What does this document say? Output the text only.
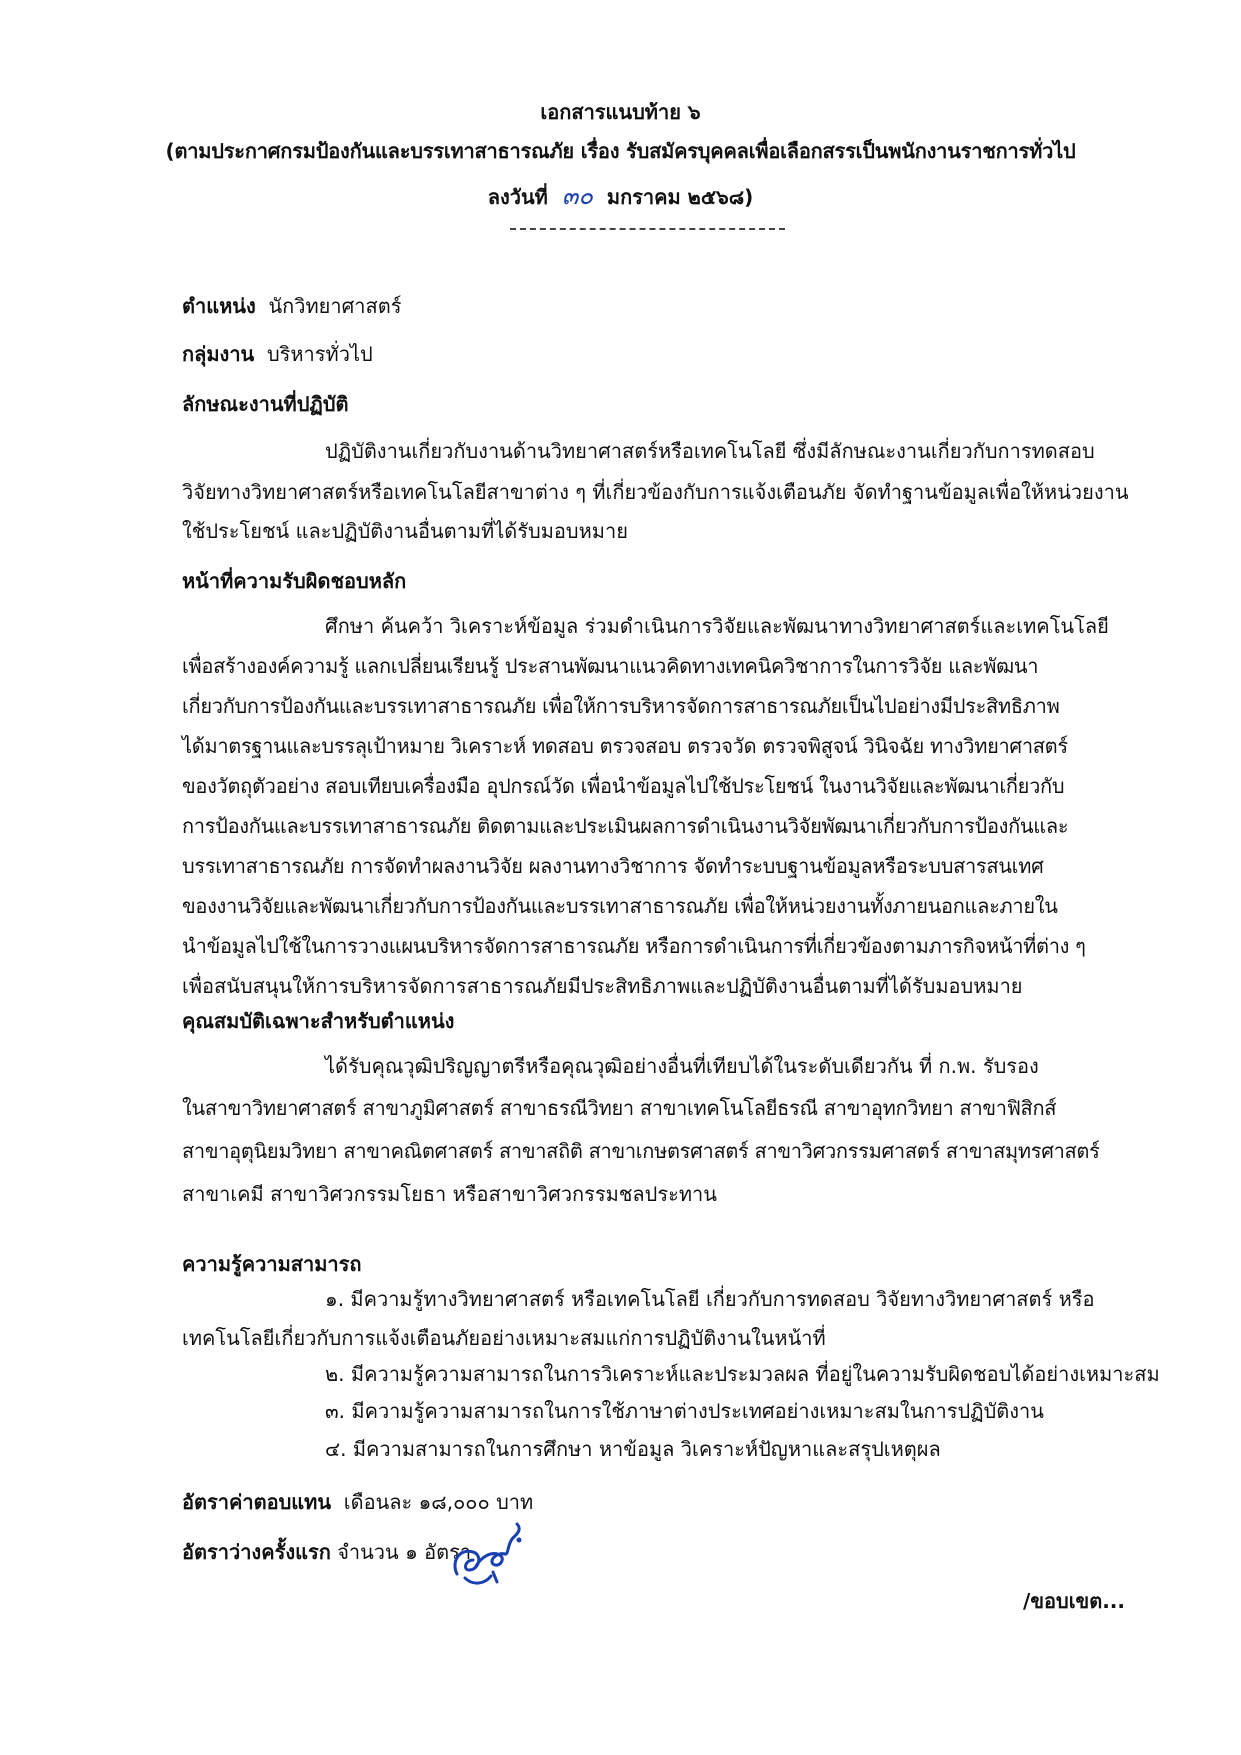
เอกสารแนบท้าย ๖
(ตามประกาศกรมป้องกันและบรรเทาสาธารณภัย เรื่อง รับสมัครบุคคลเพื่อเลือกสรรเป็นพนักงานราชการทั่วไป
ลงวันที่ ๓๐ มกราคม ๒๕๖๘)
ตำแหน่ง นักวิทยาศาสตร์
กลุ่มงาน บริหารทั่วไป
ลักษณะงานที่ปฏิบัติ
ปฏิบัติงานเกี่ยวกับงานด้านวิทยาศาสตร์หรือเทคโนโลยี ซึ่งมีลักษณะงานเกี่ยวกับการทดสอบ
วิจัยทางวิทยาศาสตร์หรือเทคโนโลยีสาขาต่าง ๆ ที่เกี่ยวข้องกับการแจ้งเตือนภัย จัดทำฐานข้อมูลเพื่อให้หน่วยงาน
ใช้ประโยชน์ และปฏิบัติงานอื่นตามที่ได้รับมอบหมาย
หน้าที่ความรับผิดชอบหลัก
ศึกษา ค้นคว้า วิเคราะห์ข้อมูล ร่วมดำเนินการวิจัยและพัฒนาทางวิทยาศาสตร์และเทคโนโลยี
เพื่อสร้างองค์ความรู้ แลกเปลี่ยนเรียนรู้ ประสานพัฒนาแนวคิดทางเทคนิควิชาการในการวิจัย และพัฒนา
เกี่ยวกับการป้องกันและบรรเทาสาธารณภัย เพื่อให้การบริหารจัดการสาธารณภัยเป็นไปอย่างมีประสิทธิภาพ
ได้มาตรฐานและบรรลุเป้าหมาย วิเคราะห์ ทดสอบ ตรวจสอบ ตรวจวัด ตรวจพิสูจน์ วินิจฉัย ทางวิทยาศาสตร์
ของวัตถุตัวอย่าง สอบเทียบเครื่องมือ อุปกรณ์วัด เพื่อนำข้อมูลไปใช้ประโยชน์ ในงานวิจัยและพัฒนาเกี่ยวกับ
การป้องกันและบรรเทาสาธารณภัย ติดตามและประเมินผลการดำเนินงานวิจัยพัฒนาเกี่ยวกับการป้องกันและ
บรรเทาสาธารณภัย การจัดทำผลงานวิจัย ผลงานทางวิชาการ จัดทำระบบฐานข้อมูลหรือระบบสารสนเทศ
ของงานวิจัยและพัฒนาเกี่ยวกับการป้องกันและบรรเทาสาธารณภัย เพื่อให้หน่วยงานทั้งภายนอกและภายใน
นำข้อมูลไปใช้ในการวางแผนบริหารจัดการสาธารณภัย หรือการดำเนินการที่เกี่ยวข้องตามภารกิจหน้าที่ต่าง ๆ
เพื่อสนับสนุนให้การบริหารจัดการสาธารณภัยมีประสิทธิภาพและปฏิบัติงานอื่นตามที่ได้รับมอบหมาย
คุณสมบัติเฉพาะสำหรับตำแหน่ง
ได้รับคุณวุฒิปริญญาตรีหรือคุณวุฒิอย่างอื่นที่เทียบได้ในระดับเดียวกัน ที่ ก.พ. รับรอง
ในสาขาวิทยาศาสตร์ สาขาภูมิศาสตร์ สาขาธรณีวิทยา สาขาเทคโนโลยีธรณี สาขาอุทกวิทยา สาขาฟิสิกส์
สาขาอุตุนิยมวิทยา สาขาคณิตศาสตร์ สาขาสถิติ สาขาเกษตรศาสตร์ สาขาวิศวกรรมศาสตร์ สาขาสมุทรศาสตร์
สาขาเคมี สาขาวิศวกรรมโยธา หรือสาขาวิศวกรรมชลประทาน
ความรู้ความสามารถ
๑. มีความรู้ทางวิทยาศาสตร์ หรือเทคโนโลยี เกี่ยวกับการทดสอบ วิจัยทางวิทยาศาสตร์ หรือ
เทคโนโลยีเกี่ยวกับการแจ้งเตือนภัยอย่างเหมาะสมแก่การปฏิบัติงานในหน้าที่
๒. มีความรู้ความสามารถในการวิเคราะห์และประมวลผล ที่อยู่ในความรับผิดชอบได้อย่างเหมาะสม
๓. มีความรู้ความสามารถในการใช้ภาษาต่างประเทศอย่างเหมาะสมในการปฏิบัติงาน
๔. มีความสามารถในการศึกษา หาข้อมูล วิเคราะห์ปัญหาและสรุปเหตุผล
อัตราค่าตอบแทน เดือนละ ๑๘,๐๐๐ บาท
อัตราว่างครั้งแรก จำนวน ๑ อัตรา
/ขอบเขต...
